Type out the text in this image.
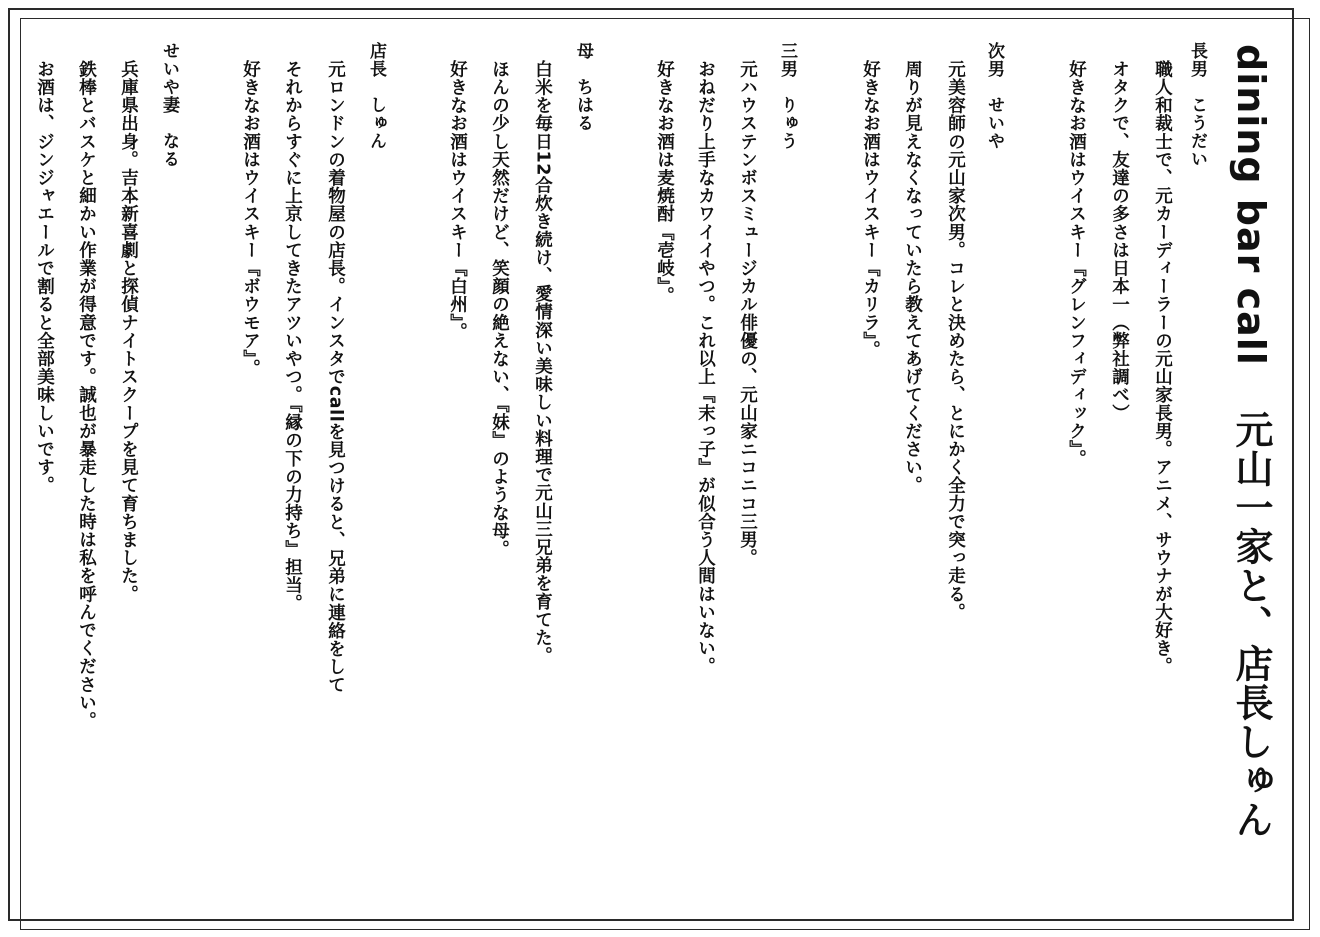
dining bar call元山一家と、店長しゅん
長男　こうだい
職人和裁士で、元カーディーラーの元山家長男。アニメ、サウナが大好き。
オタクで、友達の多さは日本一（弊社調べ）
好きなお酒はウイスキー『グレンフィディック』。
次男　せいや
元美容師の元山家次男。コレと決めたら、とにかく全力で突っ走る。
周りが見えなくなっていたら教えてあげてください。
好きなお酒はウイスキー『カリラ』。
三男　りゅう
元ハウステンボスミュージカル俳優の、元山家ニコニコ三男。
おねだり上手なカワイイやつ。これ以上『末っ子』が似合う人間はいない。
好きなお酒は麦焼酎『壱岐』。
母　ちはる
白米を毎日12合炊き続け、愛情深い美味しい料理で元山三兄弟を育てた。
ほんの少し天然だけど、笑顔の絶えない、『妹』のような母。
好きなお酒はウイスキー『白州』。
店長　しゅん
元ロンドンの着物屋の店長。インスタでcallを見つけると、兄弟に連絡をして
それからすぐに上京してきたアツいやつ。『縁の下の力持ち』担当。
好きなお酒はウイスキー『ボウモア』。
せいや妻　なる
兵庫県出身。吉本新喜劇と探偵ナイトスクープを見て育ちました。
鉄棒とバスケと細かい作業が得意です。誠也が暴走した時は私を呼んでください。
お酒は、ジンジャエールで割ると全部美味しいです。
